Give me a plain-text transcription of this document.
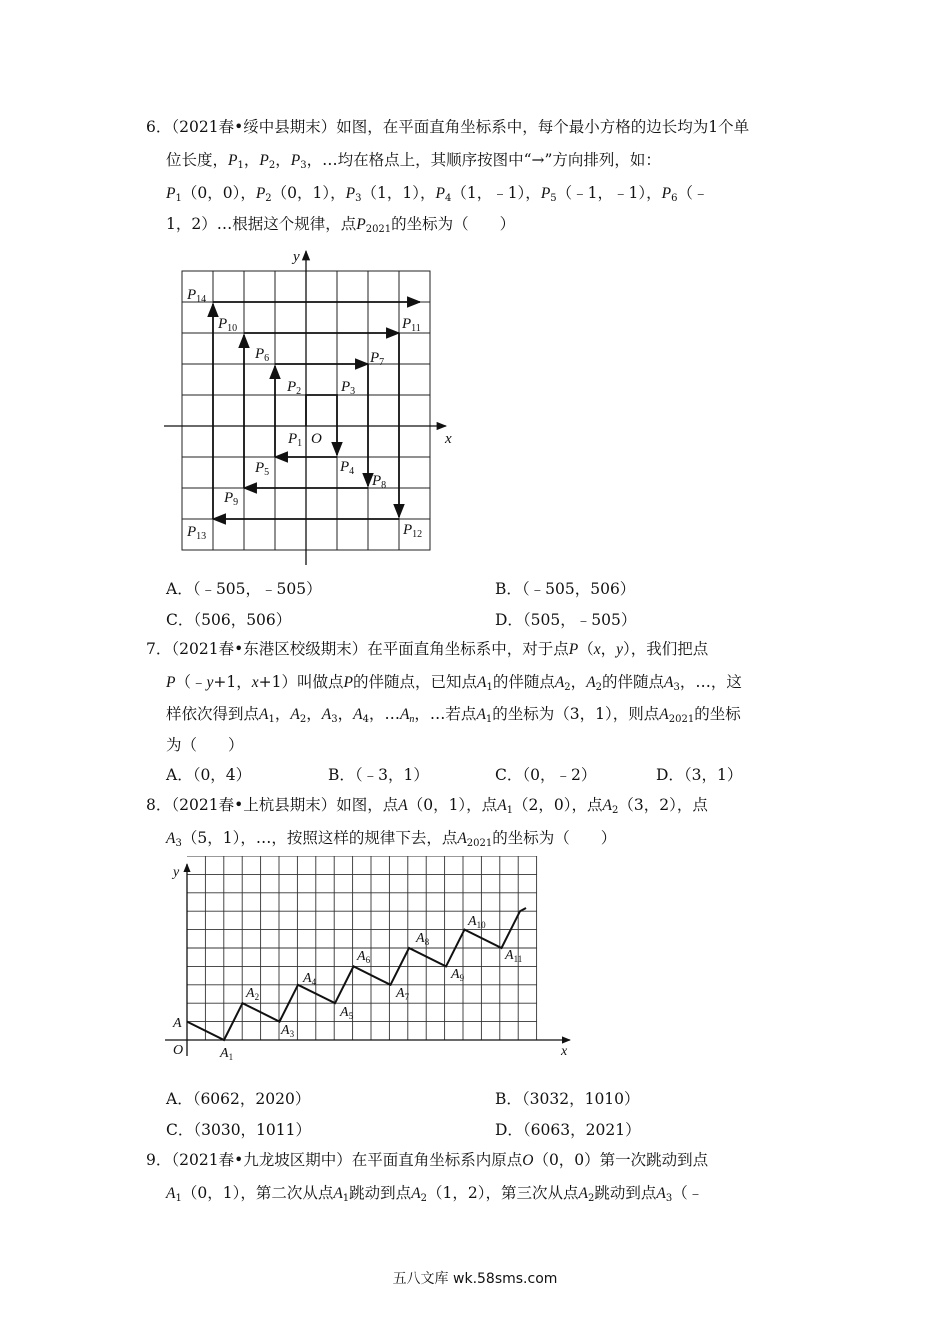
6．（2021春•绥中县期末）如图，在平面直角坐标系中，每个最小方格的边长均为1个单
位长度，$P_1$，$P_2$，$P_3$，…均在格点上，其顺序按图中“→”方向排列，如：
$P_1(0$，0），$P_2(0$，1），$P_3(1$，1），$P_4(1$，﹣1），$P_5(﹣1$，﹣1），$P_6(﹣$
1，2）…根据这个规律，点$P_{2021}$的坐标为（　　）
$P_1$
$P_2$	$P_3$
$P_4$
$P_5$
$P_6$	$P_7$
$P_8$
$P_9$
$P_{10}$	$P_{11}$
$P_{12}$
$P_{13}$
$P_{14}$
O	x
y
A．（﹣505，﹣505）	B．（﹣505，506）
C．（506，506）	D．（505，﹣505）
7．（2021春•东港区校级期末）在平面直角坐标系中，对于点P（x，y），我们把点
P（﹣y+1，x+1）叫做点P的伴随点，已知点$A_1$的伴随点$A_2$，$A_2$的伴随点$A_3$，…，这
样依次得到点$A_1$，$A_2$，$A_3$，$A_4$，$\dots A_n$，…若点$A_1$的坐标为（3，1），则点$A_{2021}$的坐标
为（　　）
A．（0，4）	B．（﹣3，1）	C．（0，﹣2）	D．（3，1）
8．（2021春•上杭县期末）如图，点A（0，1），点$A_1(2$，0），点$A_2(3$，2），点
$A_3(5$，1），…，按照这样的规律下去，点$A_{2021}$的坐标为（　　）
A
$A_1$
$A_2$
$A_3$
$A_4$
$A_5$
$A_6$
$A_7$
$A_8$
$A_9$
$A_{10}$
$A_{11}$
O	x
y
A．（6062，2020）	B．（3032，1010）
C．（3030，1011）	D．（6063，2021）
9．（2021春•九龙坡区期中）在平面直角坐标系内原点O（0，0）第一次跳动到点
$A_1(0$，1），第二次从点$A_1$跳动到点$A_2(1$，2），第三次从点$A_2$跳动到点$A_3(﹣$
五八文库 wk.58sms.com
